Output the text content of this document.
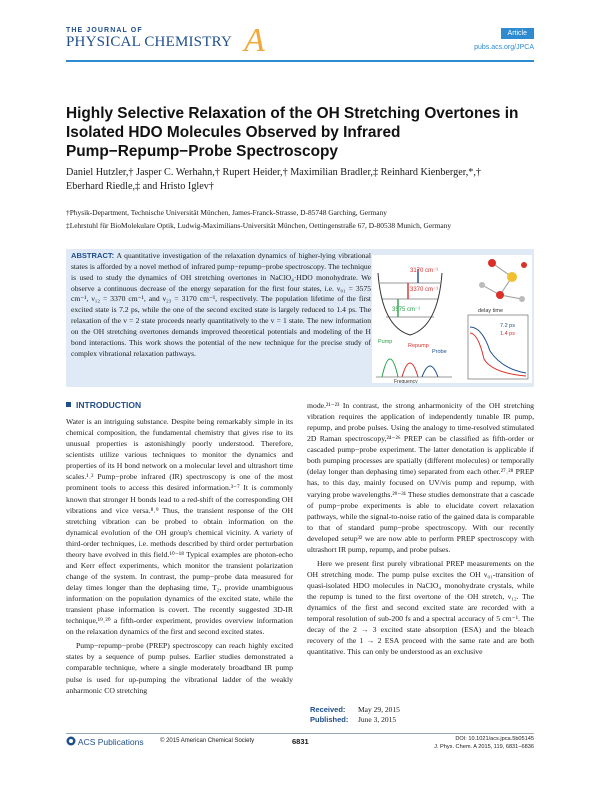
THE JOURNAL OF
PHYSICAL CHEMISTRY A	Article
pubs.acs.org/JPCA
Highly Selective Relaxation of the OH Stretching Overtones in Isolated HDO Molecules Observed by Infrared Pump−Repump−Probe Spectroscopy
Daniel Hutzler,† Jasper C. Werhahn,† Rupert Heider,† Maximilian Bradler,‡ Reinhard Kienberger,*,†
Eberhard Riedle,‡ and Hristo Iglev†
†Physik-Department, Technische Universität München, James-Franck-Strasse, D-85748 Garching, Germany
‡Lehrstuhl für BioMolekulare Optik, Ludwig-Maximilians-Universität München, Oettingenstraße 67, D-80538 Munich, Germany
ABSTRACT: A quantitative investigation of the relaxation dynamics of higher-lying vibrational states is afforded by a novel method of infrared pump−repump−probe spectroscopy. The technique is used to study the dynamics of OH stretching overtones in NaClO₄·HDO monohydrate. We observe a continuous decrease of the energy separation for the first four states, i.e. ν₀₁ = 3575 cm⁻¹, ν₁₂ = 3370 cm⁻¹, and ν₂₃ = 3170 cm⁻¹, respectively. The population lifetime of the first excited state is 7.2 ps, while the one of the second excited state is largely reduced to 1.4 ps. The relaxation of the v = 2 state proceeds nearly quantitatively to the v = 1 state. The new information on the OH stretching overtones demands improved theoretical potentials and modeling of the H bond interactions. This work shows the potential of the new technique for the precise study of complex vibrational relaxation pathways.
3170 cm⁻¹
3370 cm⁻¹
3575 cm⁻¹
Pump
Repump
Probe
Frequency
delay time
7.2 ps
1.4 ps
INTRODUCTION

Water is an intriguing substance. Despite being remarkably simple in its chemical composition, the fundamental chemistry that gives rise to its unusual properties is astonishingly poorly understood. Therefore, scientists utilize various techniques to monitor the dynamics and properties of its H bond network on a molecular level and ultrashort time scales.¹˒² Pump−probe infrared (IR) spectroscopy is one of the most prominent tools to access this desired information.³⁻⁷ It is commonly known that stronger H bonds lead to a red-shift of the corresponding OH vibrations and vice versa.⁸˒⁹ Thus, the transient response of the OH stretching vibration can be probed to obtain information on the dynamical evolution of the OH group's chemical vicinity. A variety of third-order techniques, i.e. methods described by third order perturbation theory have evolved in this field.¹⁰⁻¹⁸ Typical examples are photon-echo and Kerr effect experiments, which monitor the transient polarization change of the system. In contrast, the pump−probe data measured for delay times longer than the dephasing time, T₂, provide unambiguous information on the population dynamics of the excited state, while the transient phase information is covert. The recently suggested 3D-IR technique,¹⁹˒²⁰ a fifth-order experiment, provides overview information on the relaxation dynamics of the first and second excited states.

Pump−repump−probe (PREP) spectroscopy can reach highly excited states by a sequence of pump pulses. Earlier studies demonstrated a comparable technique, where a single moderately broadband IR pump pulse is used for up-pumping the vibrational ladder of the weakly anharmonic CO stretching

mode.²¹⁻²³ In contrast, the strong anharmonicity of the OH stretching vibration requires the application of independently tunable IR pump, repump, and probe pulses. Using the analogy to time-resolved stimulated 2D Raman spectroscopy,²⁴⁻²⁶ PREP can be classified as fifth-order or cascaded pump−probe experiment. The latter denotation is applicable if both pumping processes are spatially (different molecules) or temporally (delay longer than dephasing time) separated from each other.²⁷˒²⁸ PREP has, to this day, mainly focused on UV/vis pump and repump, with varying probe wavelengths.²⁹⁻³¹ These studies demonstrate that a cascade of pump−probe experiments is able to elucidate covert relaxation pathways, while the signal-to-noise ratio of the gained data is comparable to that of standard pump−probe spectroscopy. With our recently developed setup³² we are now able to perform PREP spectroscopy with ultrashort IR pump, repump, and probe pulses.

Here we present first purely vibrational PREP measurements on the OH stretching mode. The pump pulse excites the OH ν₀₁-transition of quasi-isolated HDO molecules in NaClO₄ monohydrate crystals, while the repump is tuned to the first overtone of the OH stretch, ν₁₂. The dynamics of the first and second excited state are recorded with a temporal resolution of sub-200 fs and a spectral accuracy of 5 cm⁻¹. The decay of the 2 → 3 excited state absorption (ESA) and the bleach recovery of the 1 → 2 ESA proceed with the same rate and are both quantitative. This can only be understood as an exclusive

Received: May 29, 2015
Published: June 3, 2015
ACS Publications	© 2015 American Chemical Society	6831	DOI: 10.1021/acs.jpca.5b05145
J. Phys. Chem. A 2015, 119, 6831−6836
